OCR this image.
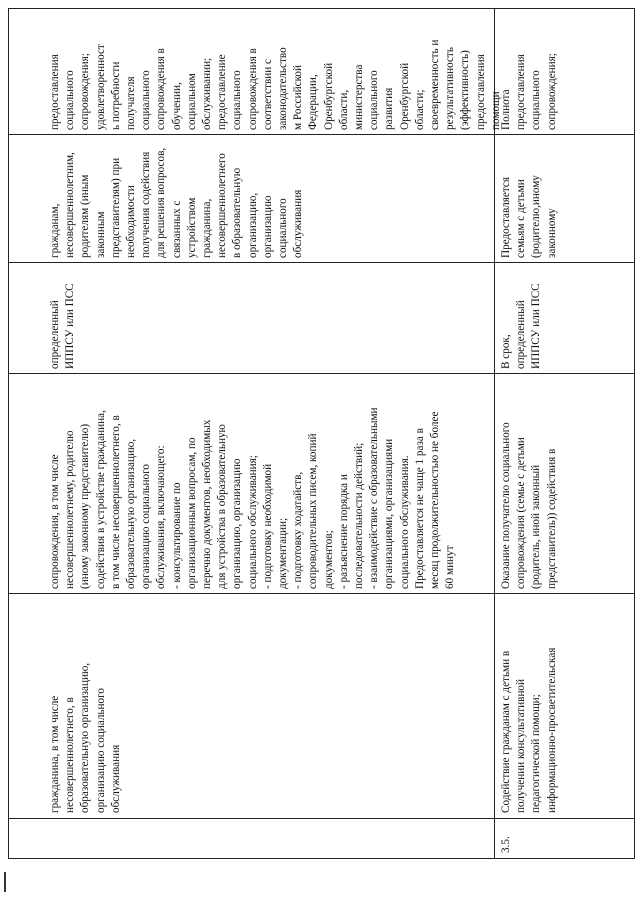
гражданина, в том числе
несовершеннолетнего, в
образовательную организацию,
организацию социального
обслуживания
сопровождения, в том числе
несовершеннолетнему, родителю
(иному законному представителю)
содействия в устройстве гражданина,
в том числе несовершеннолетнего, в
образовательную организацию,
организацию социального
обслуживания, включающего:
- консультирование по
организационным вопросам, по
перечню документов, необходимых
для устройства в образовательную
организацию, организацию
социального обслуживания;
- подготовку необходимой
документации;
- подготовку ходатайств,
сопроводительных писем, копий
документов;
- разъяснение порядка и
последовательности действий;
- взаимодействие с образовательными
организациями, организациями
социального обслуживания.
Предоставляется не чаще 1 раза в
месяц продолжительностью не более
60 минут
определенный
ИППСУ или ПСС
гражданам,
несовершеннолетним,
родителям (иным
законным
представителям) при
необходимости
получения содействия
для решения вопросов,
связанных с
устройством
гражданина,
несовершеннолетнего
в образовательную
организацию,
организацию
социального
обслуживания
предоставления
социального
сопровождения;
удовлетворенност
ь потребности
получателя
социального
сопровождения в
обучении,
социальном
обслуживании;
предоставление
социального
сопровождения в
соответствии с
законодательство
м Российской
Федерации,
Оренбургской
области,
министерства
социального
развития
Оренбургской
области;
своевременность и
результативность
(эффективность)
предоставления
помощи
3.5.
Содействие гражданам с детьми в
получении консультативной
педагогической помощи;
информационно-просветительская
Оказание получателю социального
сопровождения (семье с детьми
(родитель, иной законный
представитель)) содействия в
В срок,
определенный
ИППСУ или ПСС
Предоставляется
семьям с детьми
(родителю,иному
законному
Полнота
предоставления
социального
сопровождения;
